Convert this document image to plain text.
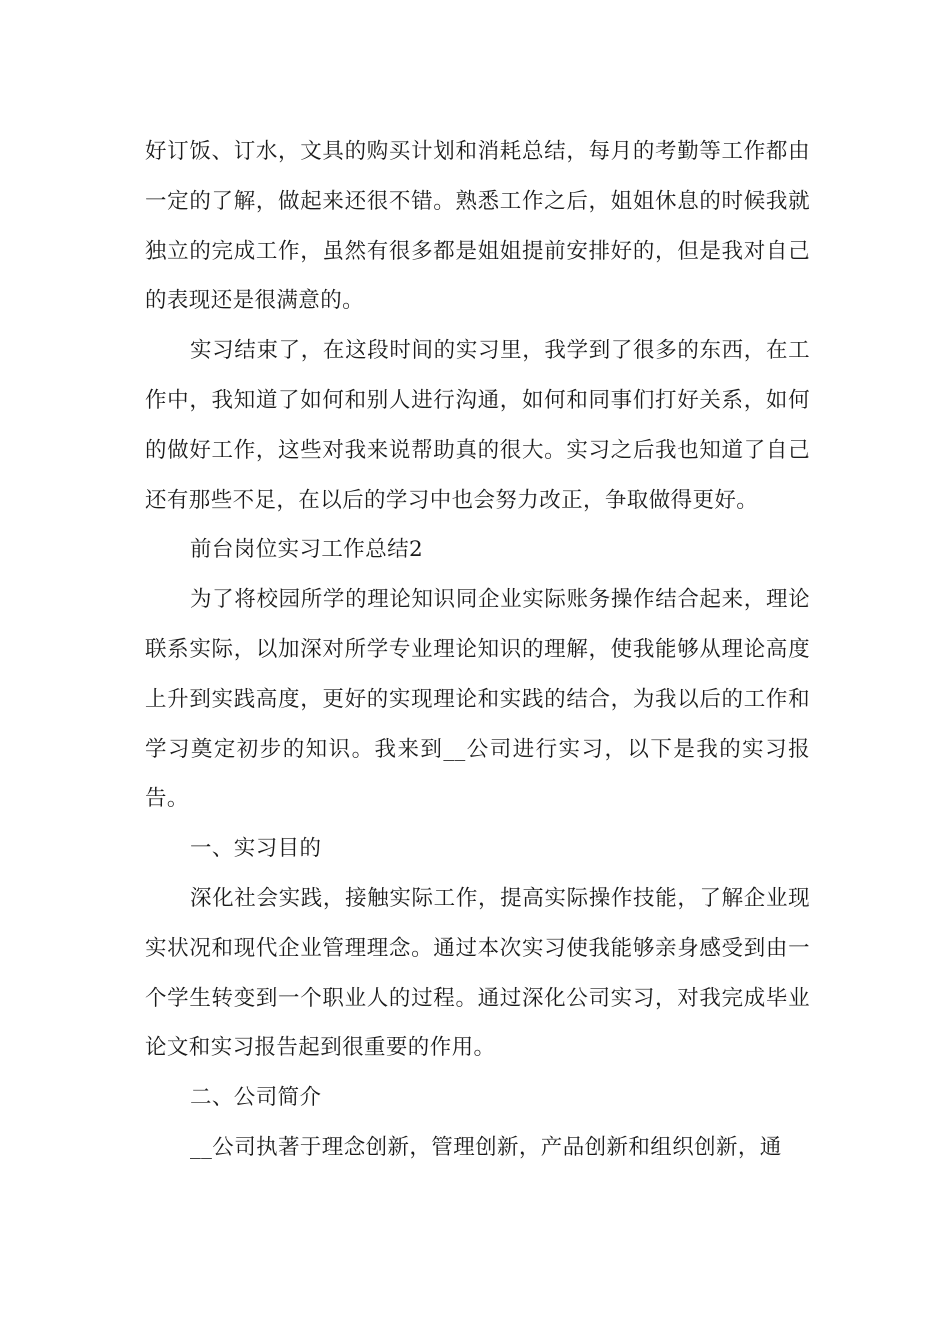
好订饭、订水，文具的购买计划和消耗总结，每月的考勤等工作都由一定的了解，做起来还很不错。熟悉工作之后，姐姐休息的时候我就独立的完成工作，虽然有很多都是姐姐提前安排好的，但是我对自己的表现还是很满意的。

实习结束了，在这段时间的实习里，我学到了很多的东西，在工作中，我知道了如何和别人进行沟通，如何和同事们打好关系，如何的做好工作，这些对我来说帮助真的很大。实习之后我也知道了自己还有那些不足，在以后的学习中也会努力改正，争取做得更好。

前台岗位实习工作总结2

为了将校园所学的理论知识同企业实际账务操作结合起来，理论联系实际，以加深对所学专业理论知识的理解，使我能够从理论高度上升到实践高度，更好的实现理论和实践的结合，为我以后的工作和学习奠定初步的知识。我来到__公司进行实习，以下是我的实习报告。

一、实习目的

深化社会实践，接触实际工作，提高实际操作技能，了解企业现实状况和现代企业管理理念。通过本次实习使我能够亲身感受到由一个学生转变到一个职业人的过程。通过深化公司实习，对我完成毕业论文和实习报告起到很重要的作用。

二、公司简介

__公司执著于理念创新，管理创新，产品创新和组织创新，通
